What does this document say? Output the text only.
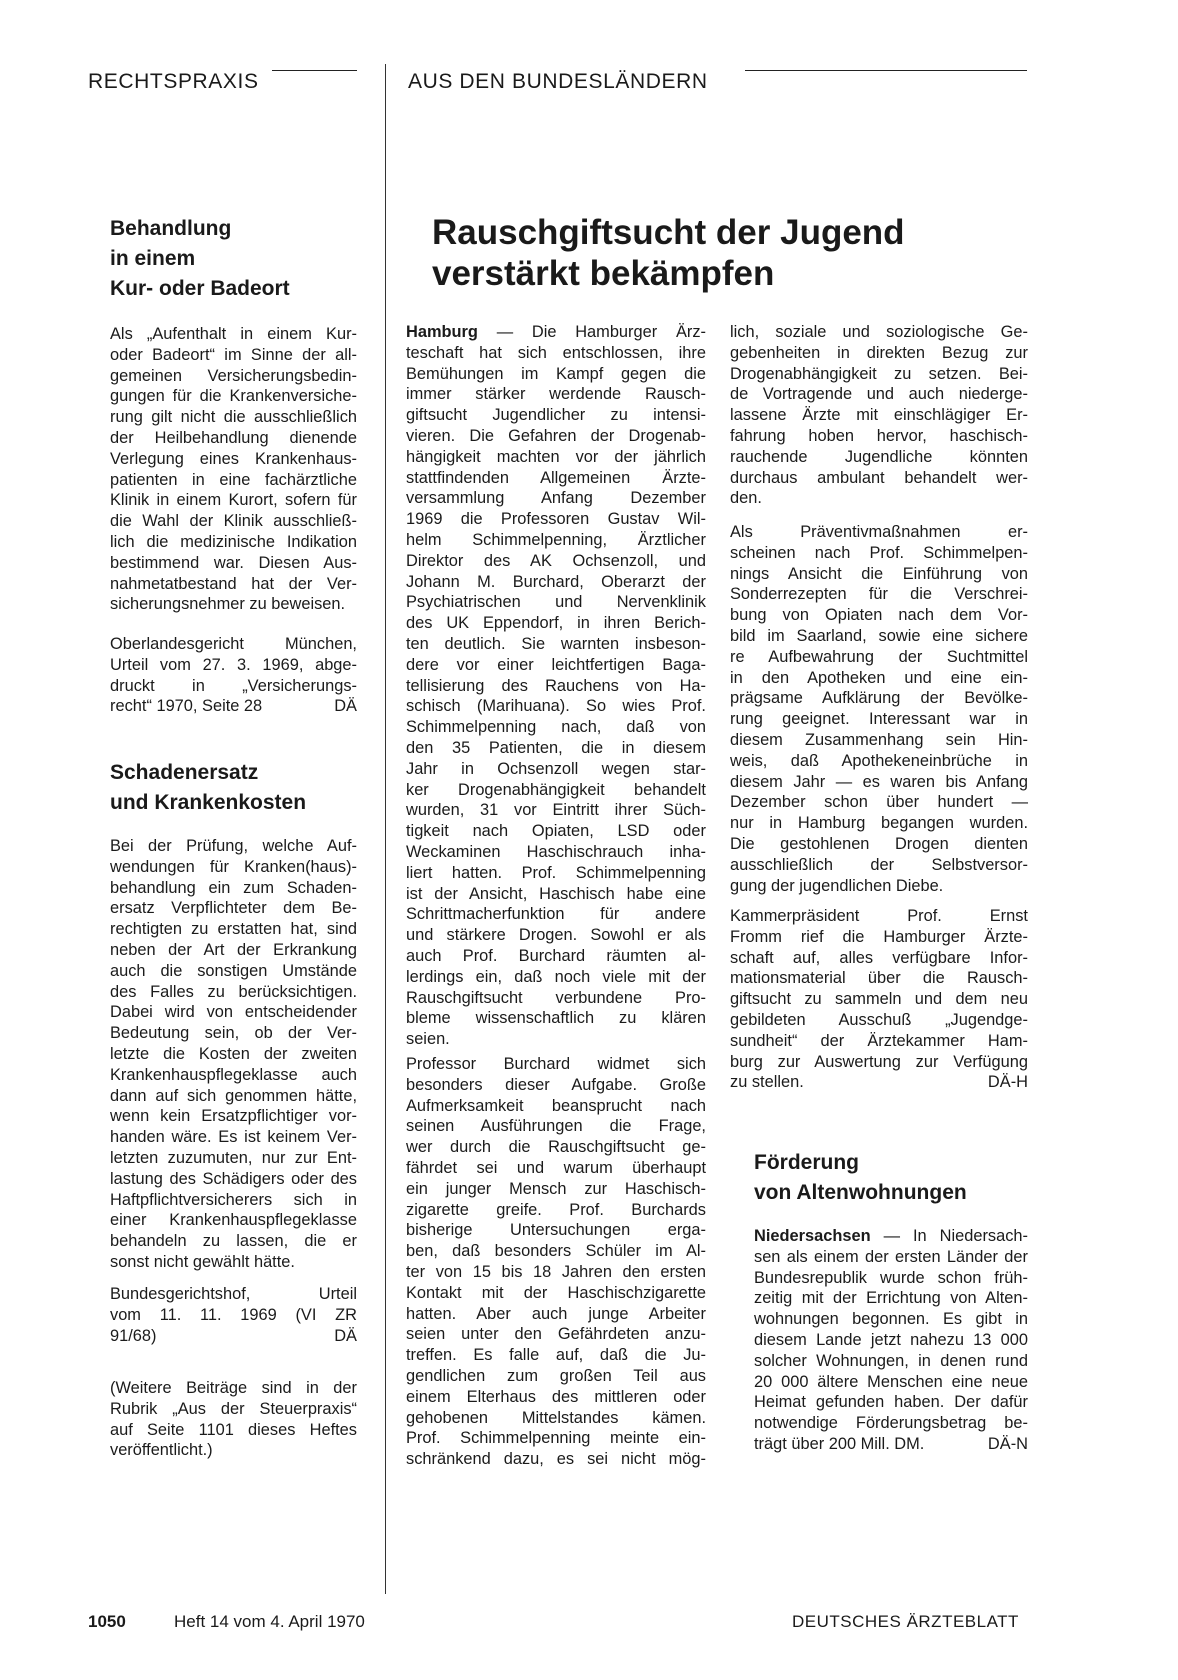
RECHTSPRAXIS	AUS DEN BUNDESLÄNDERN
Behandlung
in einem
Kur- oder Badeort
Als „Aufenthalt in einem Kur-
oder Badeort“ im Sinne der all-
gemeinen Versicherungsbedin-
gungen für die Krankenversiche-
rung gilt nicht die ausschließlich
der Heilbehandlung dienende
Verlegung eines Krankenhaus-
patienten in eine fachärztliche
Klinik in einem Kurort, sofern für
die Wahl der Klinik ausschließ-
lich die medizinische Indikation
bestimmend war. Diesen Aus-
nahmetatbestand hat der Ver-
sicherungsnehmer zu beweisen.
Oberlandesgericht München,
Urteil vom 27. 3. 1969, abge-
druckt in „Versicherungs-
recht“ 1970, Seite 28	DÄ
Schadenersatz
und Krankenkosten
Bei der Prüfung, welche Auf-
wendungen für Kranken(haus)-
behandlung ein zum Schaden-
ersatz Verpflichteter dem Be-
rechtigten zu erstatten hat, sind
neben der Art der Erkrankung
auch die sonstigen Umstände
des Falles zu berücksichtigen.
Dabei wird von entscheidender
Bedeutung sein, ob der Ver-
letzte die Kosten der zweiten
Krankenhauspflegeklasse auch
dann auf sich genommen hätte,
wenn kein Ersatzpflichtiger vor-
handen wäre. Es ist keinem Ver-
letzten zuzumuten, nur zur Ent-
lastung des Schädigers oder des
Haftpflichtversicherers sich in
einer Krankenhauspflegeklasse
behandeln zu lassen, die er
sonst nicht gewählt hätte.
Bundesgerichtshof, Urteil
vom 11. 11. 1969 (VI ZR
91/68)	DÄ
(Weitere Beiträge sind in der
Rubrik „Aus der Steuerpraxis“
auf Seite 1101 dieses Heftes
veröffentlicht.)
Rauschgiftsucht der Jugend
verstärkt bekämpfen
Hamburg — Die Hamburger Ärz-
teschaft hat sich entschlossen, ihre
Bemühungen im Kampf gegen die
immer stärker werdende Rausch-
giftsucht Jugendlicher zu intensi-
vieren. Die Gefahren der Drogenab-
hängigkeit machten vor der jährlich
stattfindenden Allgemeinen Ärzte-
versammlung Anfang Dezember
1969 die Professoren Gustav Wil-
helm Schimmelpenning, Ärztlicher
Direktor des AK Ochsenzoll, und
Johann M. Burchard, Oberarzt der
Psychiatrischen und Nervenklinik
des UK Eppendorf, in ihren Berich-
ten deutlich. Sie warnten insbeson-
dere vor einer leichtfertigen Baga-
tellisierung des Rauchens von Ha-
schisch (Marihuana). So wies Prof.
Schimmelpenning nach, daß von
den 35 Patienten, die in diesem
Jahr in Ochsenzoll wegen star-
ker Drogenabhängigkeit behandelt
wurden, 31 vor Eintritt ihrer Süch-
tigkeit nach Opiaten, LSD oder
Weckaminen Haschischrauch inha-
liert hatten. Prof. Schimmelpenning
ist der Ansicht, Haschisch habe eine
Schrittmacherfunktion für andere
und stärkere Drogen. Sowohl er als
auch Prof. Burchard räumten al-
lerdings ein, daß noch viele mit der
Rauschgiftsucht verbundene Pro-
bleme wissenschaftlich zu klären
seien.
Professor Burchard widmet sich
besonders dieser Aufgabe. Große
Aufmerksamkeit beansprucht nach
seinen Ausführungen die Frage,
wer durch die Rauschgiftsucht ge-
fährdet sei und warum überhaupt
ein junger Mensch zur Haschisch-
zigarette greife. Prof. Burchards
bisherige Untersuchungen erga-
ben, daß besonders Schüler im Al-
ter von 15 bis 18 Jahren den ersten
Kontakt mit der Haschischzigarette
hatten. Aber auch junge Arbeiter
seien unter den Gefährdeten anzu-
treffen. Es falle auf, daß die Ju-
gendlichen zum großen Teil aus
einem Elterhaus des mittleren oder
gehobenen Mittelstandes kämen.
Prof. Schimmelpenning meinte ein-
schränkend dazu, es sei nicht mög-
lich, soziale und soziologische Ge-
gebenheiten in direkten Bezug zur
Drogenabhängigkeit zu setzen. Bei-
de Vortragende und auch niederge-
lassene Ärzte mit einschlägiger Er-
fahrung hoben hervor, haschisch-
rauchende Jugendliche könnten
durchaus ambulant behandelt wer-
den.
Als Präventivmaßnahmen er-
scheinen nach Prof. Schimmelpen-
nings Ansicht die Einführung von
Sonderrezepten für die Verschrei-
bung von Opiaten nach dem Vor-
bild im Saarland, sowie eine sichere
re Aufbewahrung der Suchtmittel
in den Apotheken und eine ein-
prägsame Aufklärung der Bevölke-
rung geeignet. Interessant war in
diesem Zusammenhang sein Hin-
weis, daß Apothekeneinbrüche in
diesem Jahr — es waren bis Anfang
Dezember schon über hundert —
nur in Hamburg begangen wurden.
Die gestohlenen Drogen dienten
ausschließlich der Selbstversor-
gung der jugendlichen Diebe.
Kammerpräsident Prof. Ernst
Fromm rief die Hamburger Ärzte-
schaft auf, alles verfügbare Infor-
mationsmaterial über die Rausch-
giftsucht zu sammeln und dem neu
gebildeten Ausschuß „Jugendge-
sundheit“ der Ärztekammer Ham-
burg zur Auswertung zur Verfügung
zu stellen.	DÄ-H
Förderung
von Altenwohnungen
Niedersachsen — In Niedersach-
sen als einem der ersten Länder der
Bundesrepublik wurde schon früh-
zeitig mit der Errichtung von Alten-
wohnungen begonnen. Es gibt in
diesem Lande jetzt nahezu 13 000
solcher Wohnungen, in denen rund
20 000 ältere Menschen eine neue
Heimat gefunden haben. Der dafür
notwendige Förderungsbetrag be-
trägt über 200 Mill. DM.	DÄ-N
1050	Heft 14 vom 4. April 1970	DEUTSCHES ÄRZTEBLATT
